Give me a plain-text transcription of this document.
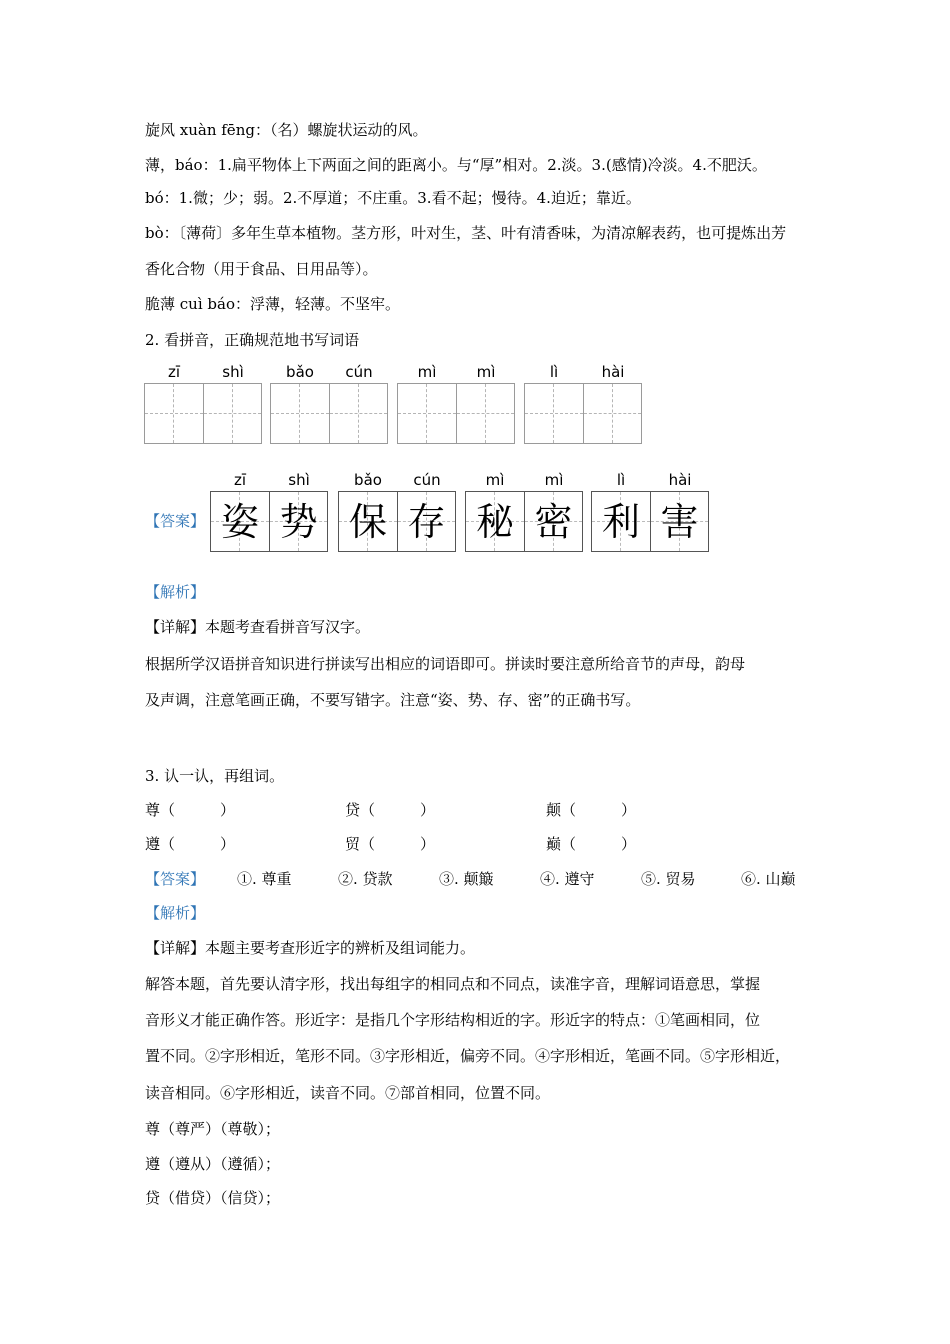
旋风 xuàn fēng：（名）螺旋状运动的风。
薄，báo：1.扁平物体上下两面之间的距离小。与“厚”相对。2.淡。3.(感情)冷淡。4.不肥沃。
bó：1.微；少；弱。2.不厚道；不庄重。3.看不起；慢待。4.迫近；靠近。
bò：〔薄荷〕多年生草本植物。茎方形，叶对生，茎、叶有清香味，为清凉解表药，也可提炼出芳
香化合物（用于食品、日用品等）。
脆薄 cuì báo：浮薄，轻薄。不坚牢。
2. 看拼音，正确规范地书写词语
zī	shì	bǎo	cún	mì	mì	lì	hài
【答案】
zī	shì	bǎo	cún	mì	mì	lì	hài
姿 势 保 存 秘 密 利 害
【解析】
【详解】本题考查看拼音写汉字。
根据所学汉语拼音知识进行拼读写出相应的词语即可。拼读时要注意所给音节的声母，韵母
及声调，注意笔画正确，不要写错字。注意“姿、势、存、密”的正确书写。
3. 认一认，再组词。
尊（　　　）	贷（　　　）	颠（　　　）
遵（　　　）	贸（　　　）	巅（　　　）
【答案】 ①. 尊重	②. 贷款	③. 颠簸	④. 遵守	⑤. 贸易	⑥. 山巅
【解析】
【详解】本题主要考查形近字的辨析及组词能力。
解答本题，首先要认清字形，找出每组字的相同点和不同点，读准字音，理解词语意思，掌握
音形义才能正确作答。形近字：是指几个字形结构相近的字。形近字的特点：①笔画相同，位
置不同。②字形相近，笔形不同。③字形相近，偏旁不同。④字形相近，笔画不同。⑤字形相近，
读音相同。⑥字形相近，读音不同。⑦部首相同，位置不同。
尊（尊严）（尊敬）；
遵（遵从）（遵循）；
贷（借贷）（信贷）；
